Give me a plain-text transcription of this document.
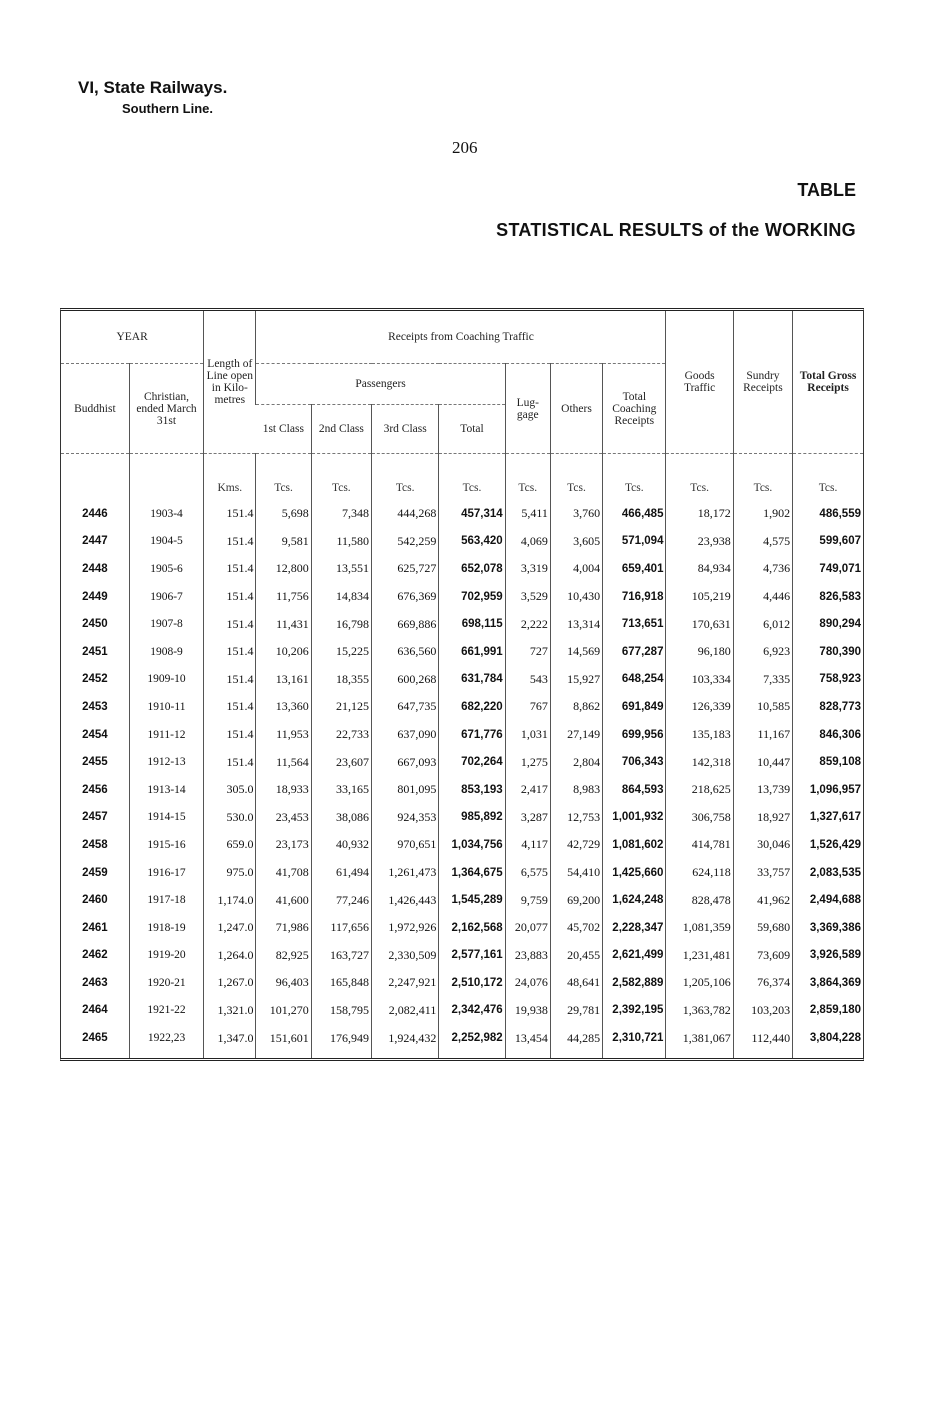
VI, State Railways.
Southern Line.
206
TABLE
STATISTICAL RESULTS of the WORKING
YEAR		Length of Line open in Kilo-metres	Receipts from Coaching Traffic							Goods Traffic	Sundry Receipts	Total Gross Receipts
Buddhist	Christian, ended March 31st		Passengers				Lug-gage	Others	Total Coaching Receipts			
			1st Class	2nd Class	3rd Class	Total						
		Kms.	Tcs.	Tcs.	Tcs.	Tcs.	Tcs.	Tcs.	Tcs.	Tcs.	Tcs.	Tcs.
2446	1903-4	151.4	5,698	7,348	444,268	457,314	5,411	3,760	466,485	18,172	1,902	486,559
2447	1904-5	151.4	9,581	11,580	542,259	563,420	4,069	3,605	571,094	23,938	4,575	599,607
2448	1905-6	151.4	12,800	13,551	625,727	652,078	3,319	4,004	659,401	84,934	4,736	749,071
2449	1906-7	151.4	11,756	14,834	676,369	702,959	3,529	10,430	716,918	105,219	4,446	826,583
2450	1907-8	151.4	11,431	16,798	669,886	698,115	2,222	13,314	713,651	170,631	6,012	890,294
2451	1908-9	151.4	10,206	15,225	636,560	661,991	727	14,569	677,287	96,180	6,923	780,390
2452	1909-10	151.4	13,161	18,355	600,268	631,784	543	15,927	648,254	103,334	7,335	758,923
2453	1910-11	151.4	13,360	21,125	647,735	682,220	767	8,862	691,849	126,339	10,585	828,773
2454	1911-12	151.4	11,953	22,733	637,090	671,776	1,031	27,149	699,956	135,183	11,167	846,306
2455	1912-13	151.4	11,564	23,607	667,093	702,264	1,275	2,804	706,343	142,318	10,447	859,108
2456	1913-14	305.0	18,933	33,165	801,095	853,193	2,417	8,983	864,593	218,625	13,739	1,096,957
2457	1914-15	530.0	23,453	38,086	924,353	985,892	3,287	12,753	1,001,932	306,758	18,927	1,327,617
2458	1915-16	659.0	23,173	40,932	970,651	1,034,756	4,117	42,729	1,081,602	414,781	30,046	1,526,429
2459	1916-17	975.0	41,708	61,494	1,261,473	1,364,675	6,575	54,410	1,425,660	624,118	33,757	2,083,535
2460	1917-18	1,174.0	41,600	77,246	1,426,443	1,545,289	9,759	69,200	1,624,248	828,478	41,962	2,494,688
2461	1918-19	1,247.0	71,986	117,656	1,972,926	2,162,568	20,077	45,702	2,228,347	1,081,359	59,680	3,369,386
2462	1919-20	1,264.0	82,925	163,727	2,330,509	2,577,161	23,883	20,455	2,621,499	1,231,481	73,609	3,926,589
2463	1920-21	1,267.0	96,403	165,848	2,247,921	2,510,172	24,076	48,641	2,582,889	1,205,106	76,374	3,864,369
2464	1921-22	1,321.0	101,270	158,795	2,082,411	2,342,476	19,938	29,781	2,392,195	1,363,782	103,203	2,859,180
2465	1922,23	1,347.0	151,601	176,949	1,924,432	2,252,982	13,454	44,285	2,310,721	1,381,067	112,440	3,804,228
